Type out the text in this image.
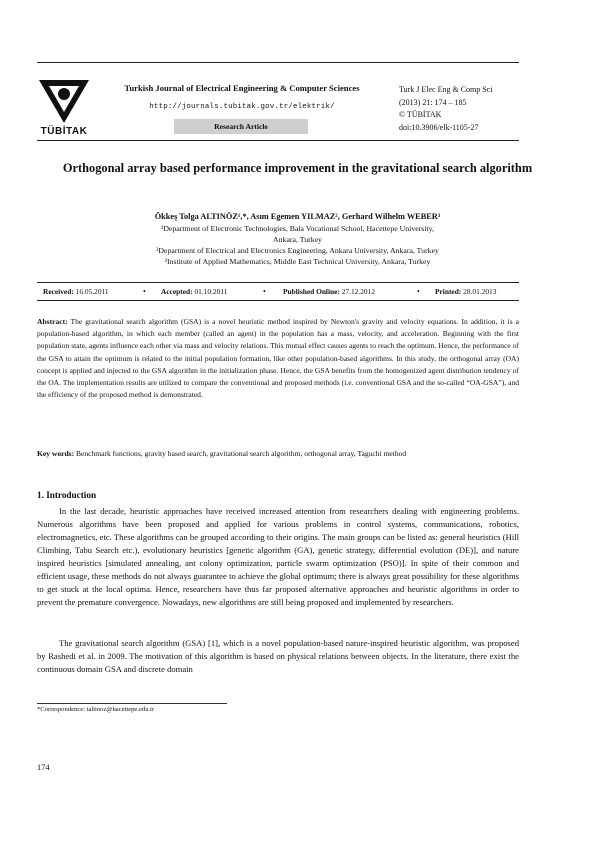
TÜBİTAK
Turkish Journal of Electrical Engineering & Computer Sciences
http://journals.tubitak.gov.tr/elektrik/
Research Article
Turk J Elec Eng & Comp Sci
(2013) 21: 174 – 185
© TÜBİTAK
doi:10.3906/elk-1105-27
Orthogonal array based performance improvement in the gravitational search algorithm
Ökkeş Tolga ALTINÖZ¹,*, Asım Egemen YILMAZ², Gerhard Wilhelm WEBER³
¹Department of Electronic Technologies, Bala Vocational School, Hacettepe University,
Ankara, Turkey
²Department of Electrical and Electronics Engineering, Ankara University, Ankara, Turkey
³Institute of Applied Mathematics, Middle East Technical University, Ankara, Turkey
Received: 16.05.2011	• Accepted: 01.10.2011	• Published Online: 27.12.2012	• Printed: 28.01.2013
Abstract: The gravitational search algorithm (GSA) is a novel heuristic method inspired by Newton's gravity and velocity equations. In addition, it is a population-based algorithm, in which each member (called an agent) in the population has a mass, velocity, and acceleration. Beginning with the first population state, agents influence each other via mass and velocity relations. This mutual effect causes agents to reach the optimum. Hence, the performance of the GSA to attain the optimum is related to the initial population formation, like other population-based algorithms. In this study, the orthogonal array (OA) concept is applied and injected to the GSA algorithm in the initialization phase. Hence, the GSA benefits from the homogenized agent distribution tendency of the OA. The implementation results are utilized to compare the conventional and proposed methods (i.e. conventional GSA and the so-called “OA-GSA”), and the efficiency of the proposed method is demonstrated.
Key words: Benchmark functions, gravity based search, gravitational search algorithm, orthogonal array, Taguchi method
1. Introduction
In the last decade, heuristic approaches have received increased attention from researchers dealing with engineering problems. Numerous algorithms have been proposed and applied for various problems in control systems, communications, robotics, electromagnetics, etc. These algorithms can be grouped according to their origins. The main groups can be listed as: general heuristics (Hill Climbing, Tabu Search etc.), evolutionary heuristics [genetic algorithm (GA), genetic strategy, differential evolution (DE)], and nature inspired heuristics [simulated annealing, ant colony optimization, particle swarm optimization (PSO)]. In spite of their common and efficient usage, these methods do not always guarantee to achieve the global optimum; there is always great possibility for these algorithms to get stuck at the local optima. Hence, researchers have thus far proposed alternative approaches and heuristic algorithms in order to prevent the premature convergence. Nowadays, new algorithms are still being proposed and implemented by researchers.
The gravitational search algorithm (GSA) [1], which is a novel population-based nature-inspired heuristic algorithm, was proposed by Rashedi et al. in 2009. The motivation of this algorithm is based on physical relations between objects. In the literature, there exist the continuous domain GSA and discrete domain
*Correspondence: taltinoz@hacettepe.edu.tr
174
